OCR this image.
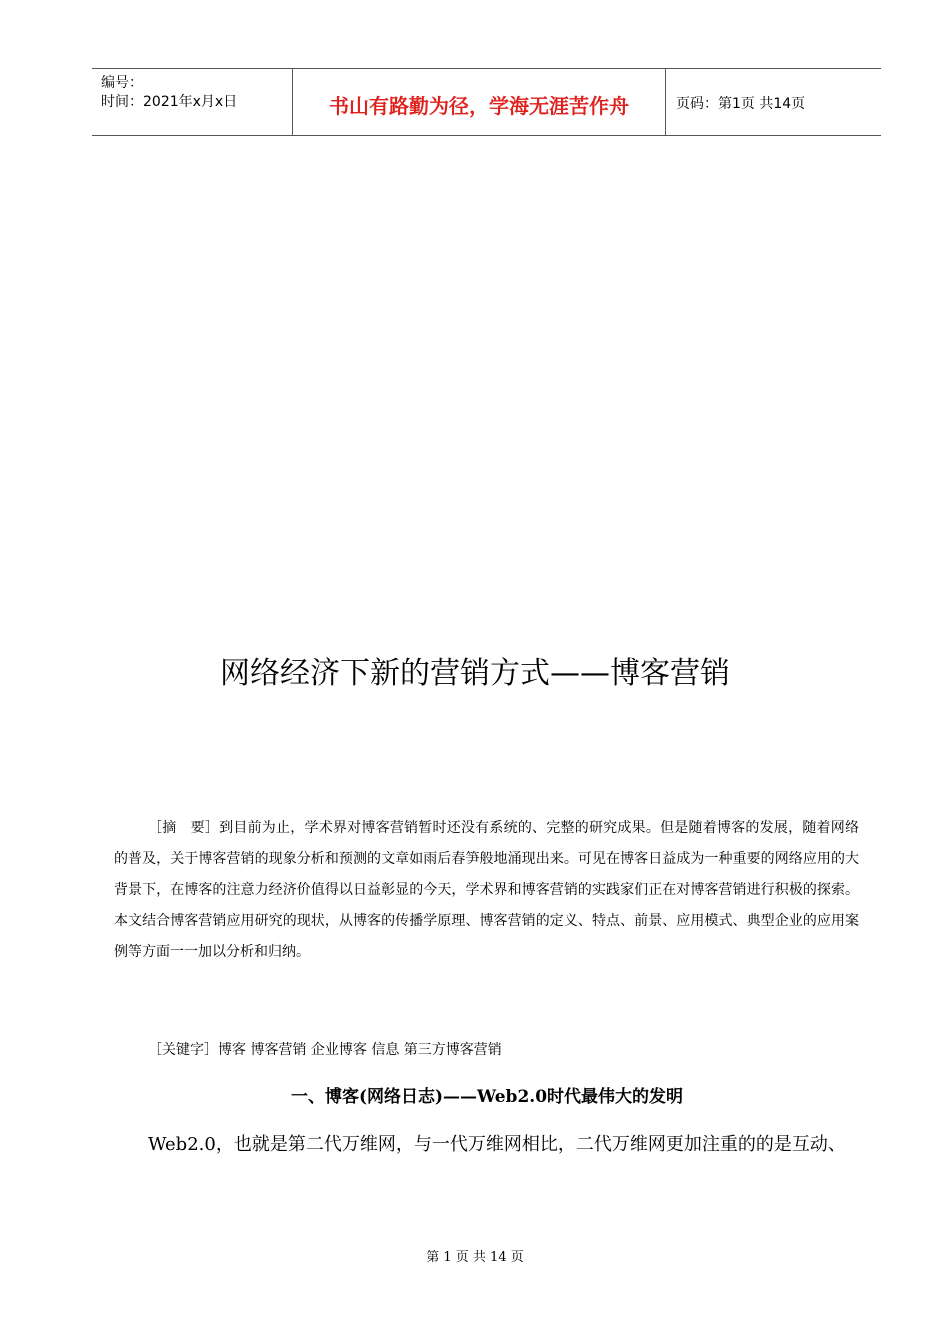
编号：
时间：2021年x月x日	书山有路勤为径，学海无涯苦作舟	页码：第1页 共14页
网络经济下新的营销方式——博客营销
［摘　要］到目前为止，学术界对博客营销暂时还没有系统的、完整的研究成果。但是随着博客的发展，随着网络的普及，关于博客营销的现象分析和预测的文章如雨后春笋般地涌现出来。可见在博客日益成为一种重要的网络应用的大背景下，在博客的注意力经济价值得以日益彰显的今天，学术界和博客营销的实践家们正在对博客营销进行积极的探索。本文结合博客营销应用研究的现状，从博客的传播学原理、博客营销的定义、特点、前景、应用模式、典型企业的应用案例等方面一一加以分析和归纳。
［关键字］博客 博客营销 企业博客 信息 第三方博客营销
一、博客(网络日志)——Web2.0时代最伟大的发明
Web2.0，也就是第二代万维网，与一代万维网相比，二代万维网更加注重的的是互动、
第 1 页 共 14 页
